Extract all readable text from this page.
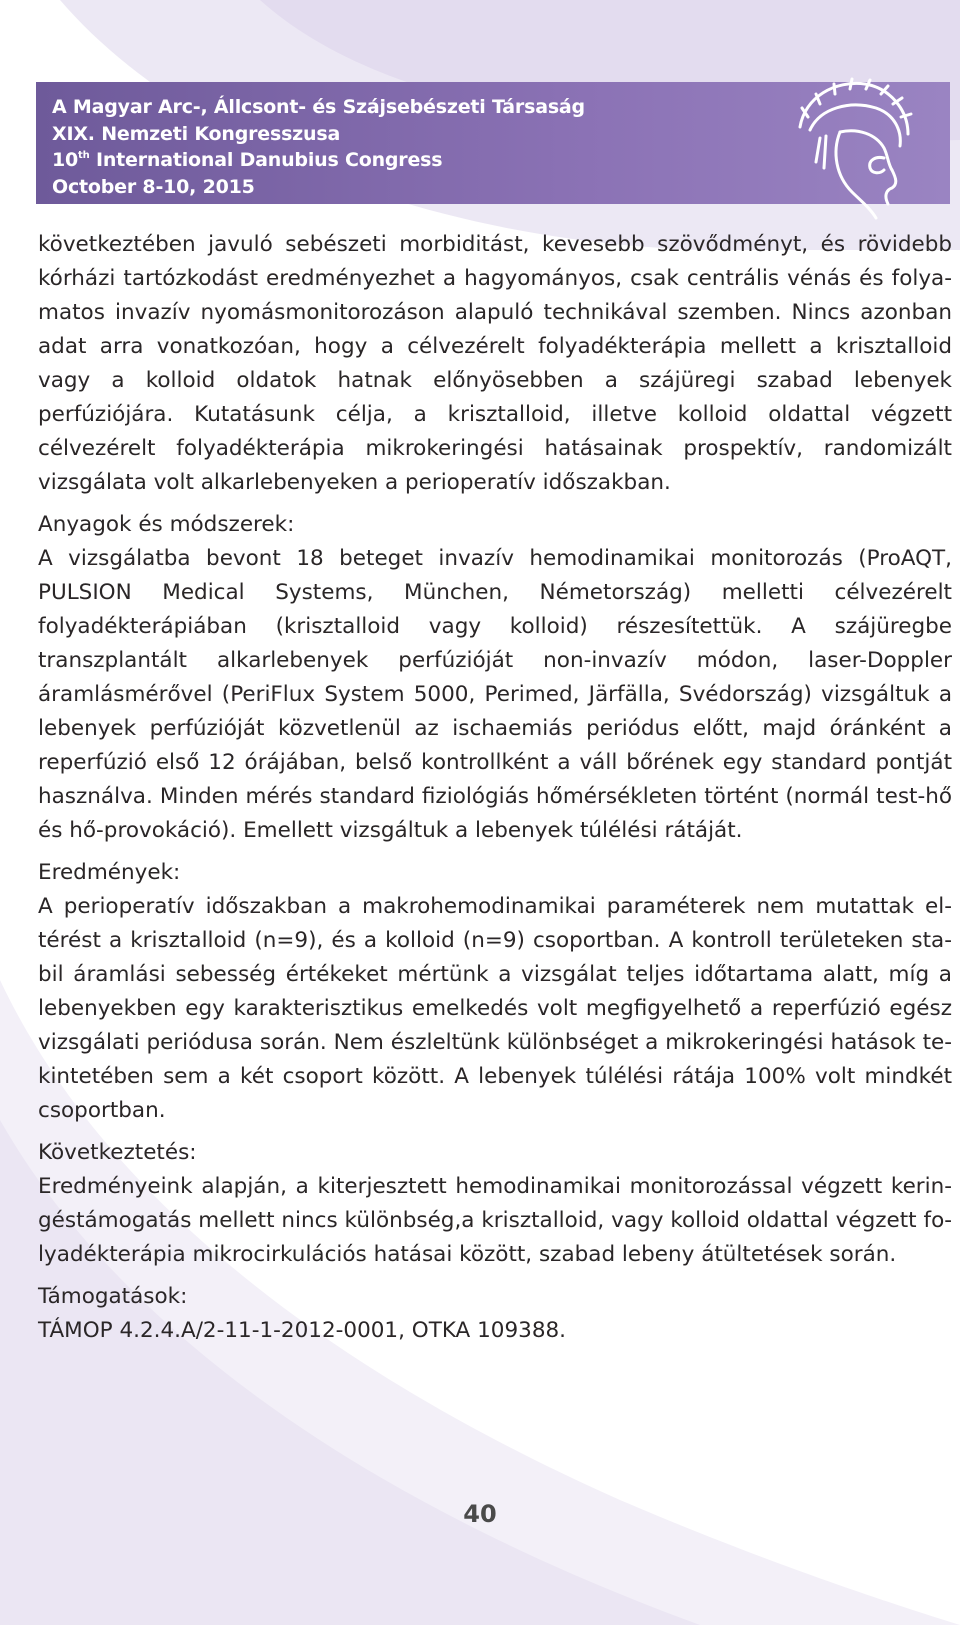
A Magyar Arc-, Állcsont- és Szájsebészeti Társaság
XIX. Nemzeti Kongresszusa
10th International Danubius Congress
October 8-10, 2015

következtében javuló sebészeti morbiditást, kevesebb szövődményt, és rövidebb kórházi tartózkodást eredményezhet a hagyományos, csak centrális vénás és folyamatos invazív nyomásmonitorozáson alapuló technikával szemben. Nincs azonban adat arra vonatkozóan, hogy a célvezérelt folyadékterápia mellett a krisztalloid vagy a kolloid oldatok hatnak előnyösebben a szájüregi szabad lebenyek perfúziójára. Kutatásunk célja, a krisztalloid, illetve kolloid oldattal végzett célvezérelt folyadékterápia mikrokeringési hatásainak prospektív, randomizált vizsgálata volt alkarlebenyeken a perioperatív időszakban.

Anyagok és módszerek:

A vizsgálatba bevont 18 beteget invazív hemodinamikai monitorozás (ProAQT, PULSION Medical Systems, München, Németország) melletti célvezérelt folyadékterápiában (krisztalloid vagy kolloid) részesítettük. A szájüregbe transzplantált alkarlebenyek perfúzióját non-invazív módon, laser-Doppler áramlásmérővel (PeriFlux System 5000, Perimed, Järfälla, Svédország) vizsgáltuk a lebenyek perfúzióját közvetlenül az ischaemiás periódus előtt, majd óránként a reperfúzió első 12 órájában, belső kontrollként a váll bőrének egy standard pontját használva. Minden mérés standard fiziológiás hőmérsékleten történt (normál test-hő és hő-provokáció). Emellett vizsgáltuk a lebenyek túlélési rátáját.

Eredmények:

A perioperatív időszakban a makrohemodinamikai paraméterek nem mutattak eltérést a krisztalloid (n=9), és a kolloid (n=9) csoportban. A kontroll területeken stabil áramlási sebesség értékeket mértünk a vizsgálat teljes időtartama alatt, míg a lebenyekben egy karakterisztikus emelkedés volt megfigyelhető a reperfúzió egész vizsgálati periódusa során. Nem észleltünk különbséget a mikrokeringési hatások tekintetében sem a két csoport között. A lebenyek túlélési rátája 100% volt mindkét csoportban.

Következtetés:

Eredményeink alapján, a kiterjesztett hemodinamikai monitorozással végzett keringéstámogatás mellett nincs különbség,a krisztalloid, vagy kolloid oldattal végzett folyadékterápia mikrocirkulációs hatásai között, szabad lebeny átültetések során.

Támogatások:

TÁMOP 4.2.4.A/2-11-1-2012-0001, OTKA 109388.

40
